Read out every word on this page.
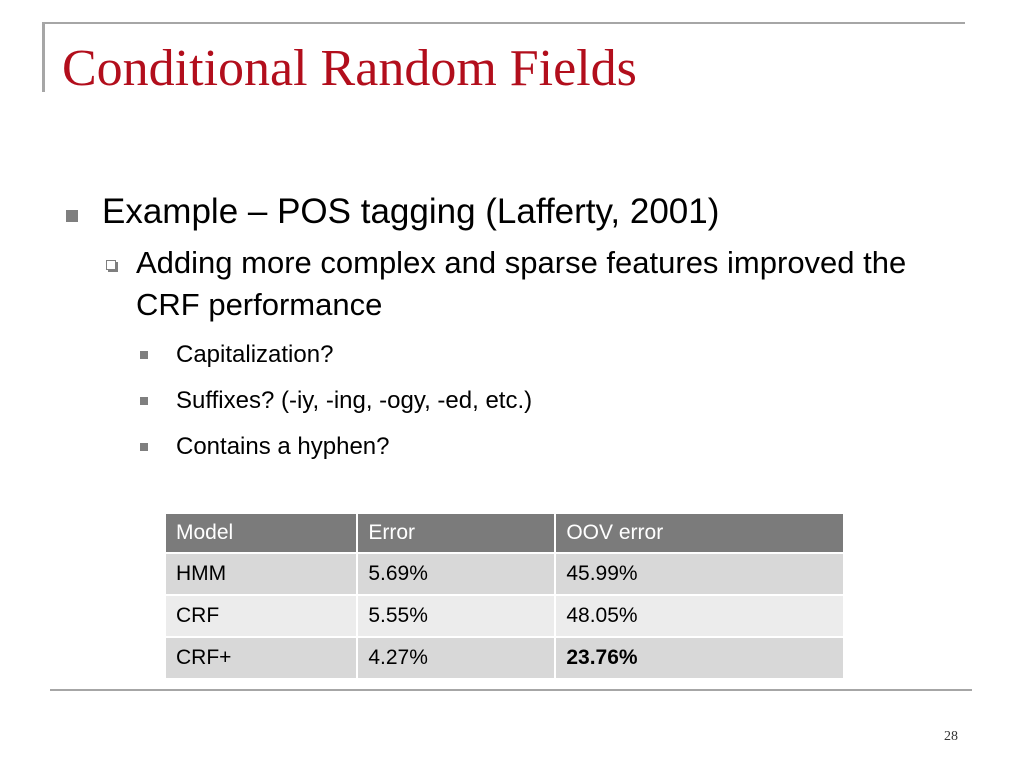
Conditional Random Fields
Example – POS tagging (Lafferty, 2001)
Adding more complex and sparse features improved the CRF performance
Capitalization?
Suffixes? (-iy, -ing, -ogy, -ed, etc.)
Contains a hyphen?
Model	Error	OOV error
HMM	5.69%	45.99%
CRF	5.55%	48.05%
CRF+	4.27%	23.76%
28
